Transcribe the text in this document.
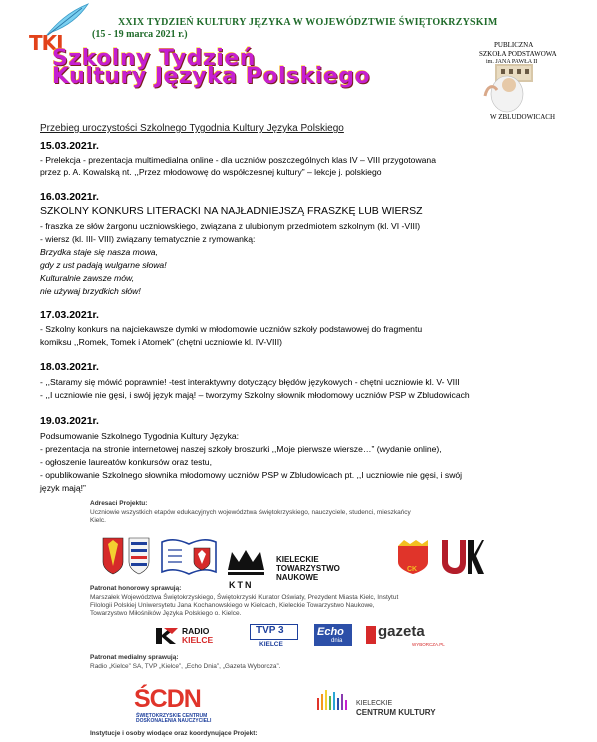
TKJ
XXIX TYDZIEŃ KULTURY JĘZYKA W WOJEWÓDZTWIE ŚWIĘTOKRZYSKIM
(15 - 19 marca 2021 r.)
Szkolny Tydzień
Kultury Języka Polskiego
PUBLICZNA
SZKOŁA PODSTAWOWA
im. JANA PAWŁA II
W ZBLUDOWICACH
Przebieg uroczystości Szkolnego Tygodnia Kultury Języka Polskiego
15.03.2021r.
- Prelekcja - prezentacja multimedialna online - dla uczniów poszczególnych klas IV – VIII przygotowana
przez p. A. Kowalską nt. ,,Przez młodowowę do współczesnej kultury” – lekcje j. polskiego
16.03.2021r.
SZKOLNY KONKURS LITERACKI NA NAJŁADNIEJSZĄ FRASZKĘ LUB WIERSZ
- fraszka ze słów żargonu uczniowskiego, związana z ulubionym przedmiotem szkolnym (kl. VI -VIII)
- wiersz (kl. III- VIII) związany tematycznie z rymowanką:
Brzydka staje się nasza mowa,
gdy z ust padają wulgarne słowa!
Kulturalnie zawsze mów,
nie używaj brzydkich słów!
17.03.2021r.
- Szkolny konkurs na najciekawsze dymki w młodomowie uczniów szkoły podstawowej do fragmentu
komiksu ,,Romek, Tomek i Atomek” (chętni uczniowie kl. IV-VIII)
18.03.2021r.
- ,,Staramy się mówić poprawnie! -test interaktywny dotyczący błędów językowych - chętni uczniowie kl. V- VIII
- ,,I uczniowie nie gęsi, i swój język mają! – tworzymy Szkolny słownik młodomowy uczniów PSP w Zbludowicach
19.03.2021r.
Podsumowanie Szkolnego Tygodnia Kultury Języka:
- prezentacja na stronie internetowej naszej szkoły broszurki ,,Moje pierwsze wiersze…” (wydanie online),
- ogłoszenie laureatów konkursów oraz testu,
- opublikowanie Szkolnego słownika młodomowy uczniów PSP w Zbludowicach pt. ,,I uczniowie nie gęsi, i swój
język mają!”
Adresaci Projektu:
Uczniowie wszystkich etapów edukacyjnych województwa świętokrzyskiego, nauczyciele, studenci, mieszkańcy
Kielc.
KTN
KIELECKIE
TOWARZYSTWO
NAUKOWE
CK
Patronat honorowy sprawują:
Marszałek Województwa Świętokrzyskiego, Świętokrzyski Kurator Oświaty, Prezydent Miasta Kielc, Instytut
Filologii Polskiej Uniwersytetu Jana Kochanowskiego w Kielcach, Kieleckie Towarzystwo Naukowe,
Towarzystwo Miłośników Języka Polskiego o. Kielce.
RADIO
KIELCE
TVP 3
KIELCE
Echo
dnia
gazeta
WYBORCZA.PL
Patronat medialny sprawują:
Radio „Kielce” SA, TVP „Kielce”, „Echo Dnia”, „Gazeta Wyborcza”.
ŚCDN
ŚWIĘTOKRZYSKIE CENTRUM
DOSKONALENIA NAUCZYCIELI
KIELECKIE
CENTRUM KULTURY
Instytucje i osoby wiodące oraz koordynujące Projekt:
